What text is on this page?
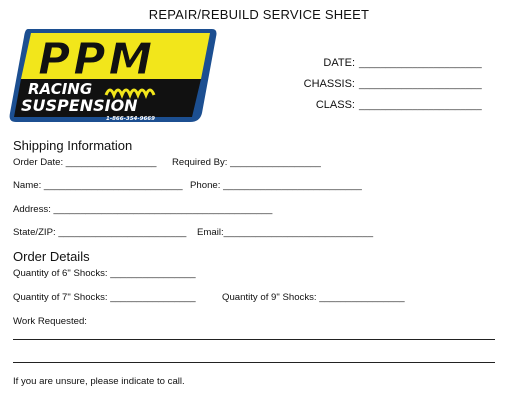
REPAIR/REBUILD SERVICE SHEET
PPM
RACING
SUSPENSION
1-866-354-9669
DATE: _______________________
CHASSIS: _______________________
CLASS: _______________________
Shipping Information
Order Date: _________________ Required By: _________________
Name: __________________________ Phone: __________________________
Address: _________________________________________
State/ZIP: ________________________ Email:____________________________
Order Details
Quantity of 6" Shocks: ________________
Quantity of 7" Shocks: ________________	Quantity of 9" Shocks: ________________
Work Requested:
If you are unsure, please indicate to call.
